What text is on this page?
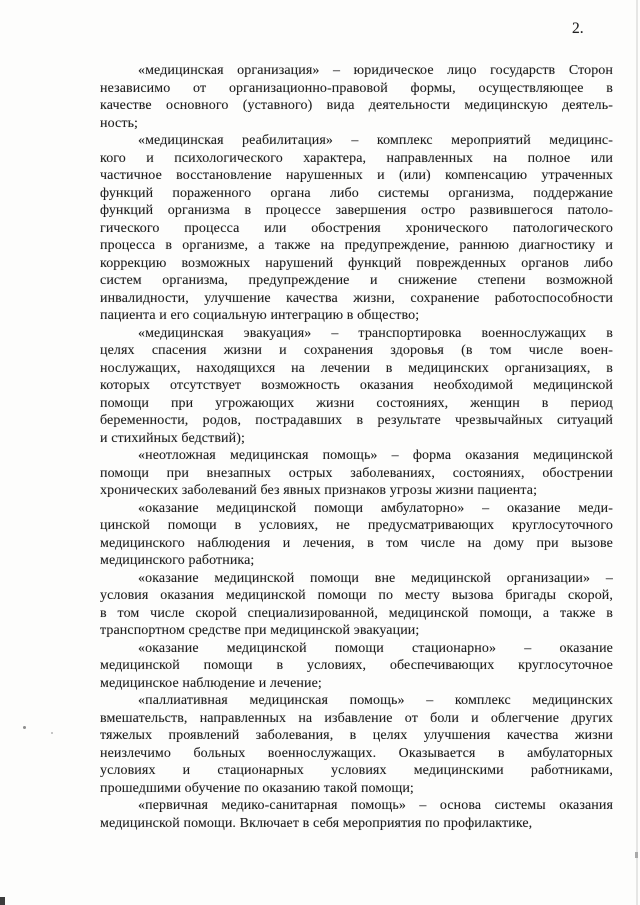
2.

«медицинская организация» – юридическое лицо государств Сторон
независимо от организационно-правовой формы, осуществляющее в
качестве основного (уставного) вида деятельности медицинскую деятель-
ность;

«медицинская реабилитация» – комплекс мероприятий медицинс-
кого и психологического характера, направленных на полное или
частичное восстановление нарушенных и (или) компенсацию утраченных
функций пораженного органа либо системы организма, поддержание
функций организма в процессе завершения остро развившегося патоло-
гического процесса или обострения хронического патологического
процесса в организме, а также на предупреждение, раннюю диагностику и
коррекцию возможных нарушений функций поврежденных органов либо
систем организма, предупреждение и снижение степени возможной
инвалидности, улучшение качества жизни, сохранение работоспособности
пациента и его социальную интеграцию в общество;

«медицинская эвакуация» – транспортировка военнослужащих в
целях спасения жизни и сохранения здоровья (в том числе воен-
нослужащих, находящихся на лечении в медицинских организациях, в
которых отсутствует возможность оказания необходимой медицинской
помощи при угрожающих жизни состояниях, женщин в период
беременности, родов, пострадавших в результате чрезвычайных ситуаций
и стихийных бедствий);

«неотложная медицинская помощь» – форма оказания медицинской
помощи при внезапных острых заболеваниях, состояниях, обострении
хронических заболеваний без явных признаков угрозы жизни пациента;

«оказание медицинской помощи амбулаторно» – оказание меди-
цинской помощи в условиях, не предусматривающих круглосуточного
медицинского наблюдения и лечения, в том числе на дому при вызове
медицинского работника;

«оказание медицинской помощи вне медицинской организации» –
условия оказания медицинской помощи по месту вызова бригады скорой,
в том числе скорой специализированной, медицинской помощи, а также в
транспортном средстве при медицинской эвакуации;

«оказание медицинской помощи стационарно» – оказание
медицинской помощи в условиях, обеспечивающих круглосуточное
медицинское наблюдение и лечение;

«паллиативная медицинская помощь» – комплекс медицинских
вмешательств, направленных на избавление от боли и облегчение других
тяжелых проявлений заболевания, в целях улучшения качества жизни
неизлечимо больных военнослужащих. Оказывается в амбулаторных
условиях и стационарных условиях медицинскими работниками,
прошедшими обучение по оказанию такой помощи;

«первичная медико-санитарная помощь» – основа системы оказания
медицинской помощи. Включает в себя мероприятия по профилактике,
